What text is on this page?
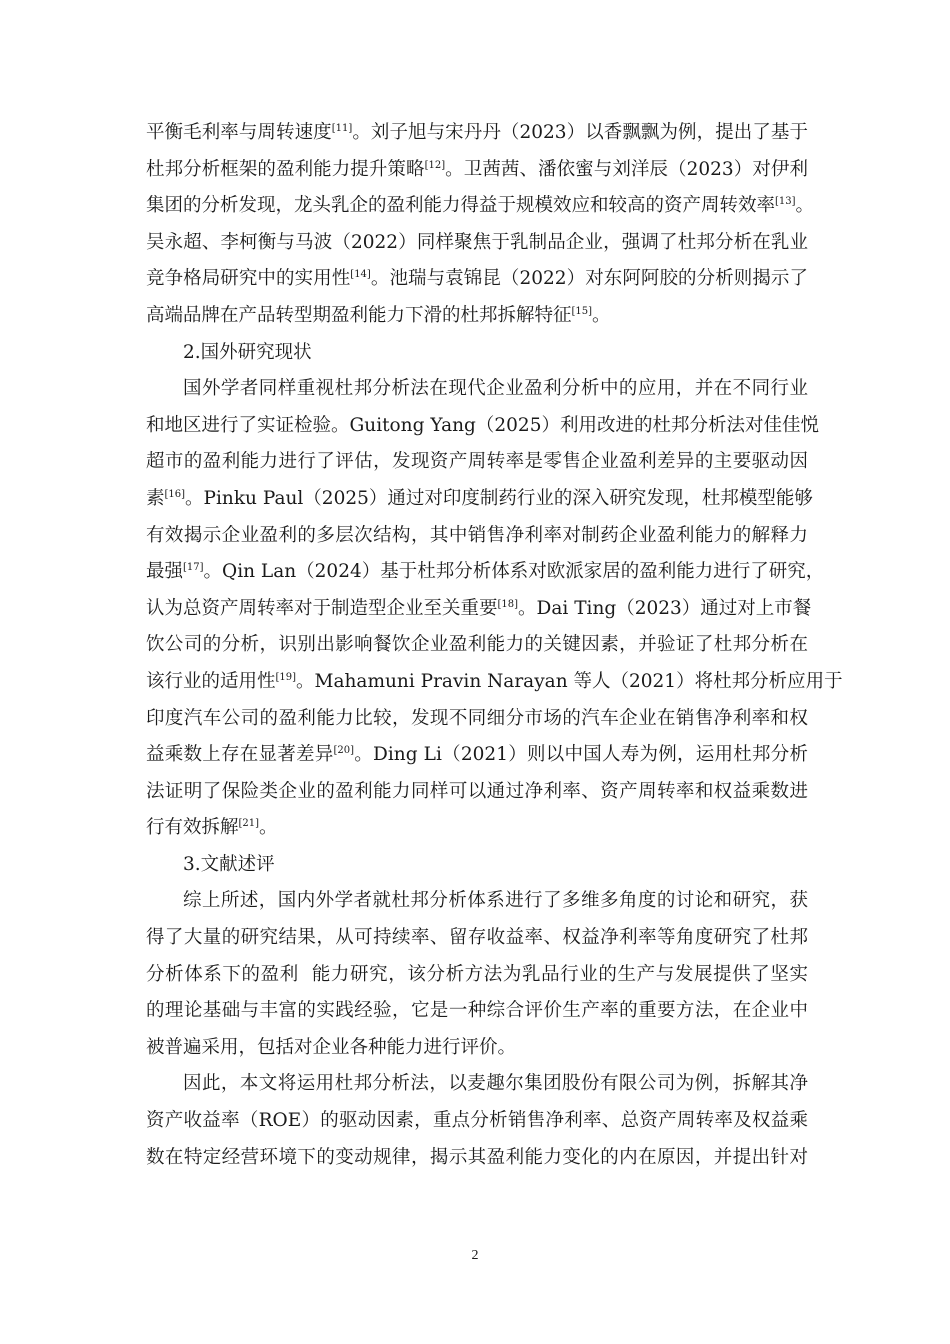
平衡毛利率与周转速度[11]。刘子旭与宋丹丹（2023）以香飘飘为例，提出了基于
杜邦分析框架的盈利能力提升策略[12]。卫茜茜、潘依蜜与刘洋辰（2023）对伊利
集团的分析发现，龙头乳企的盈利能力得益于规模效应和较高的资产周转效率[13]。
吴永超、李柯衡与马波（2022）同样聚焦于乳制品企业，强调了杜邦分析在乳业
竞争格局研究中的实用性[14]。池瑞与袁锦昆（2022）对东阿阿胶的分析则揭示了
高端品牌在产品转型期盈利能力下滑的杜邦拆解特征[15]。
2.国外研究现状
国外学者同样重视杜邦分析法在现代企业盈利分析中的应用，并在不同行业
和地区进行了实证检验。Guitong Yang（2025）利用改进的杜邦分析法对佳佳悦
超市的盈利能力进行了评估，发现资产周转率是零售企业盈利差异的主要驱动因
素[16]。Pinku Paul（2025）通过对印度制药行业的深入研究发现，杜邦模型能够
有效揭示企业盈利的多层次结构，其中销售净利率对制药企业盈利能力的解释力
最强[17]。Qin Lan（2024）基于杜邦分析体系对欧派家居的盈利能力进行了研究，
认为总资产周转率对于制造型企业至关重要[18]。Dai Ting（2023）通过对上市餐
饮公司的分析，识别出影响餐饮企业盈利能力的关键因素，并验证了杜邦分析在
该行业的适用性[19]。Mahamuni Pravin Narayan 等人（2021）将杜邦分析应用于
印度汽车公司的盈利能力比较，发现不同细分市场的汽车企业在销售净利率和权
益乘数上存在显著差异[20]。Ding Li（2021）则以中国人寿为例，运用杜邦分析
法证明了保险类企业的盈利能力同样可以通过净利率、资产周转率和权益乘数进
行有效拆解[21]。
3.文献述评
综上所述，国内外学者就杜邦分析体系进行了多维多角度的讨论和研究，获
得了大量的研究结果，从可持续率、留存收益率、权益净利率等角度研究了杜邦
分析体系下的盈利  能力研究，该分析方法为乳品行业的生产与发展提供了坚实
的理论基础与丰富的实践经验，它是一种综合评价生产率的重要方法，在企业中
被普遍采用，包括对企业各种能力进行评价。
因此，本文将运用杜邦分析法，以麦趣尔集团股份有限公司为例，拆解其净
资产收益率（ROE）的驱动因素，重点分析销售净利率、总资产周转率及权益乘
数在特定经营环境下的变动规律，揭示其盈利能力变化的内在原因，并提出针对
2
